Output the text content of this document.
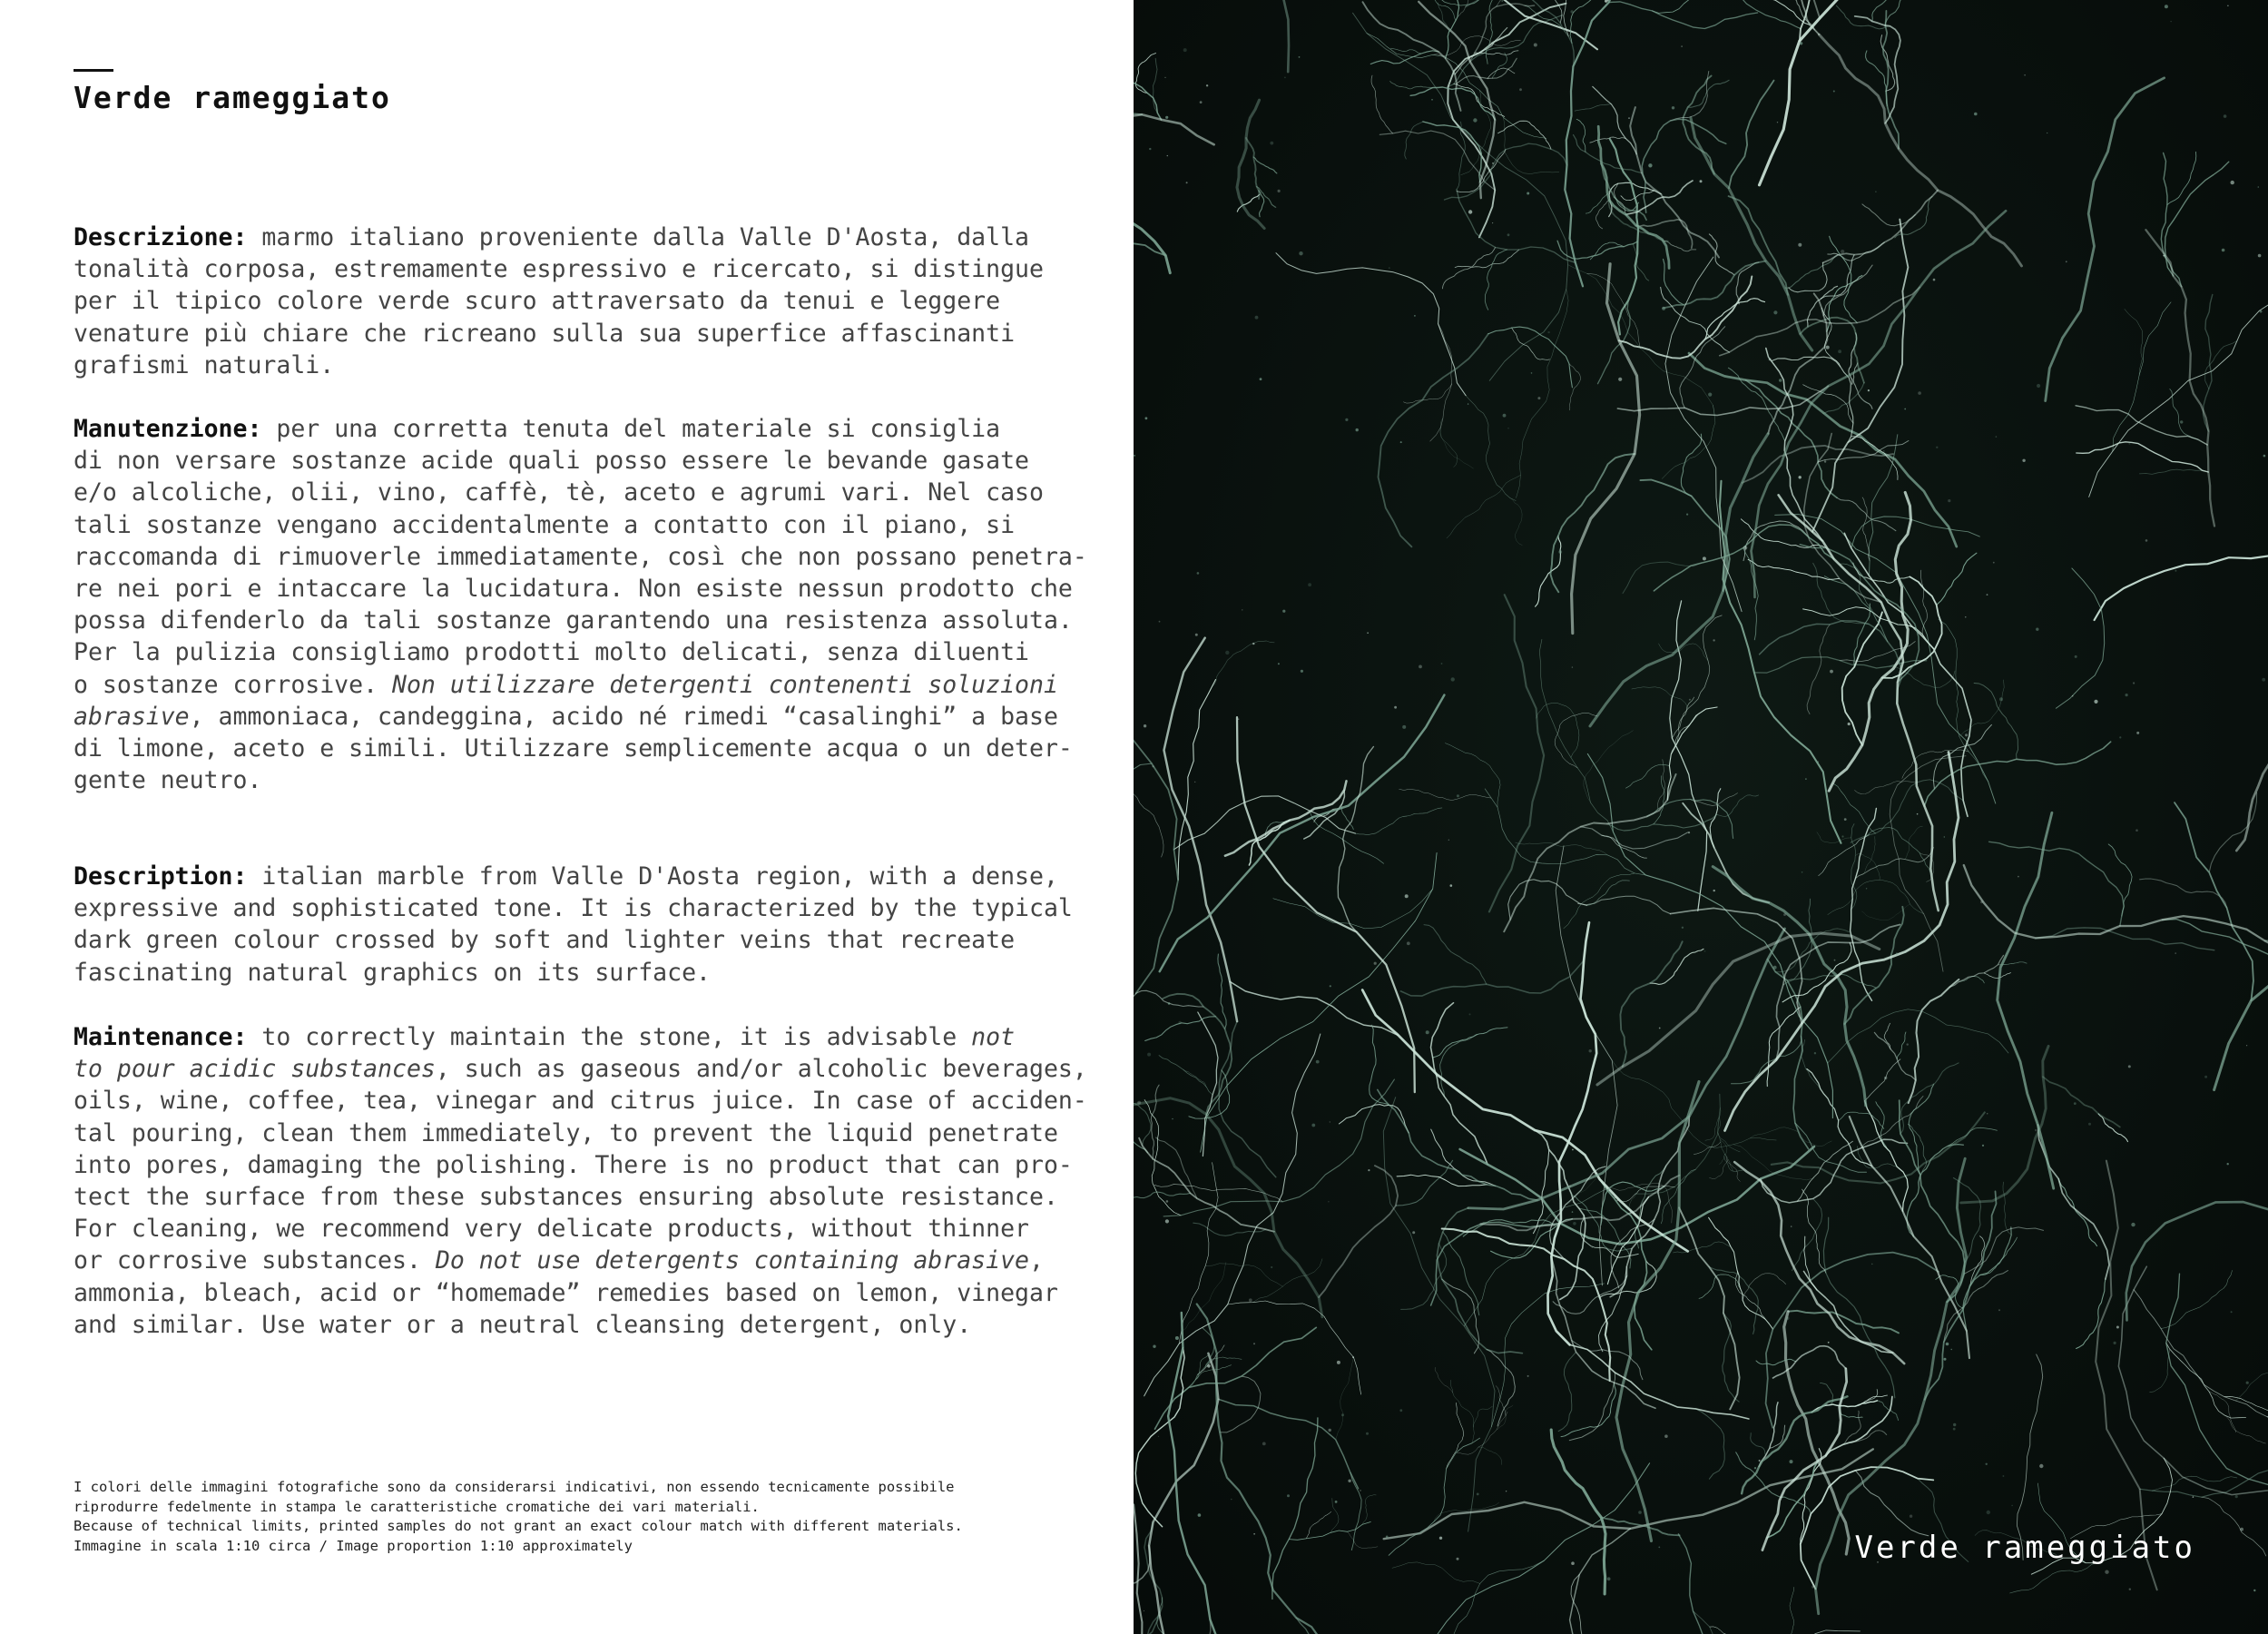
Verde rameggiato
Descrizione: marmo italiano proveniente dalla Valle D'Aosta, dalla
tonalità corposa, estremamente espressivo e ricercato, si distingue
per il tipico colore verde scuro attraversato da tenui e leggere
venature più chiare che ricreano sulla sua superfice affascinanti
grafismi naturali.
Manutenzione: per una corretta tenuta del materiale si consiglia
di non versare sostanze acide quali posso essere le bevande gasate
e/o alcoliche, olii, vino, caffè, tè, aceto e agrumi vari. Nel caso
tali sostanze vengano accidentalmente a contatto con il piano, si
raccomanda di rimuoverle immediatamente, così che non possano penetra-
re nei pori e intaccare la lucidatura. Non esiste nessun prodotto che
possa difenderlo da tali sostanze garantendo una resistenza assoluta.
Per la pulizia consigliamo prodotti molto delicati, senza diluenti
o sostanze corrosive. Non utilizzare detergenti contenenti soluzioni
abrasive, ammoniaca, candeggina, acido né rimedi “casalinghi” a base
di limone, aceto e simili. Utilizzare semplicemente acqua o un deter-
gente neutro.
Description: italian marble from Valle D'Aosta region, with a dense,
expressive and sophisticated tone. It is characterized by the typical
dark green colour crossed by soft and lighter veins that recreate
fascinating natural graphics on its surface.
Maintenance: to correctly maintain the stone, it is advisable not
to pour acidic substances, such as gaseous and/or alcoholic beverages,
oils, wine, coffee, tea, vinegar and citrus juice. In case of acciden-
tal pouring, clean them immediately, to prevent the liquid penetrate
into pores, damaging the polishing. There is no product that can pro-
tect the surface from these substances ensuring absolute resistance.
For cleaning, we recommend very delicate products, without thinner
or corrosive substances. Do not use detergents containing abrasive,
ammonia, bleach, acid or “homemade” remedies based on lemon, vinegar
and similar. Use water or a neutral cleansing detergent, only.
I colori delle immagini fotografiche sono da considerarsi indicativi, non essendo tecnicamente possibile
riprodurre fedelmente in stampa le caratteristiche cromatiche dei vari materiali.
Because of technical limits, printed samples do not grant an exact colour match with different materials.
Immagine in scala 1:10 circa / Image proportion 1:10 approximately	Verde rameggiato
